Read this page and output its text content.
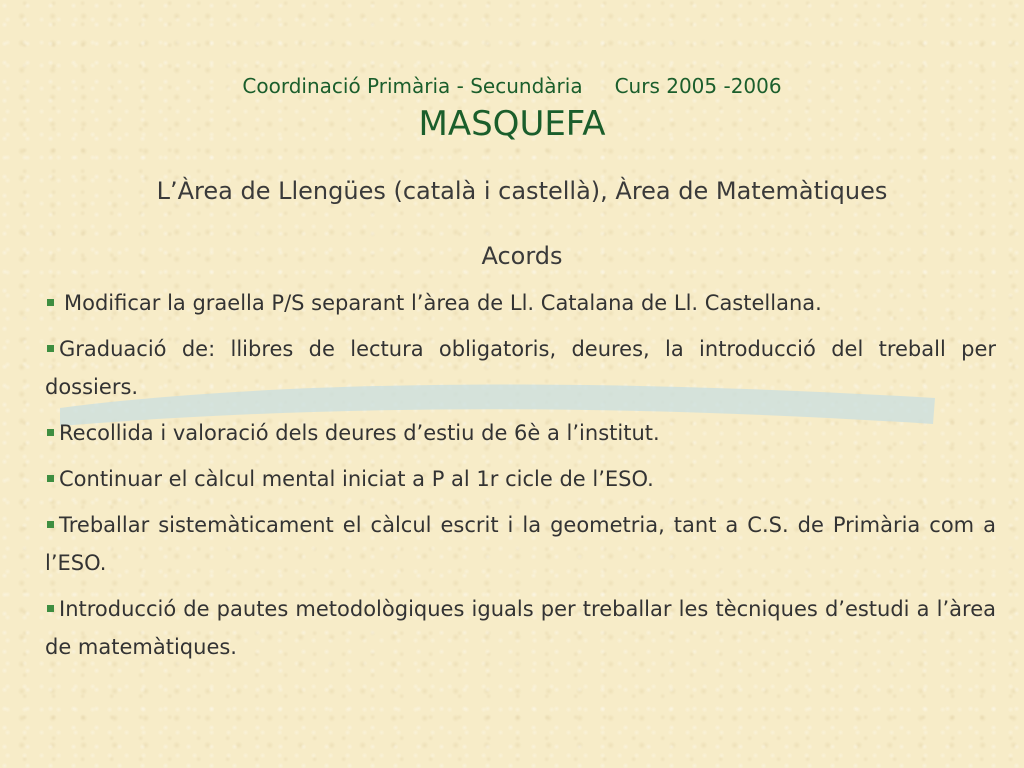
Coordinació Primària - Secundària Curs 2005 -2006
MASQUEFA
L’Àrea de Llengües (català i castellà), Àrea de Matemàtiques
Acords
Modificar la graella P/S separant l’àrea de Ll. Catalana de Ll. Castellana.
Graduació de: llibres de lectura obligatoris, deures, la introducció del treball per dossiers.
Recollida i valoració dels deures d’estiu de 6è a l’institut.
Continuar el càlcul mental iniciat a P al 1r cicle de l’ESO.
Treballar sistemàticament el càlcul escrit i la geometria, tant a C.S. de Primària com a l’ESO.
Introducció de pautes metodològiques iguals per treballar les tècniques d’estudi a l’àrea de matemàtiques.
